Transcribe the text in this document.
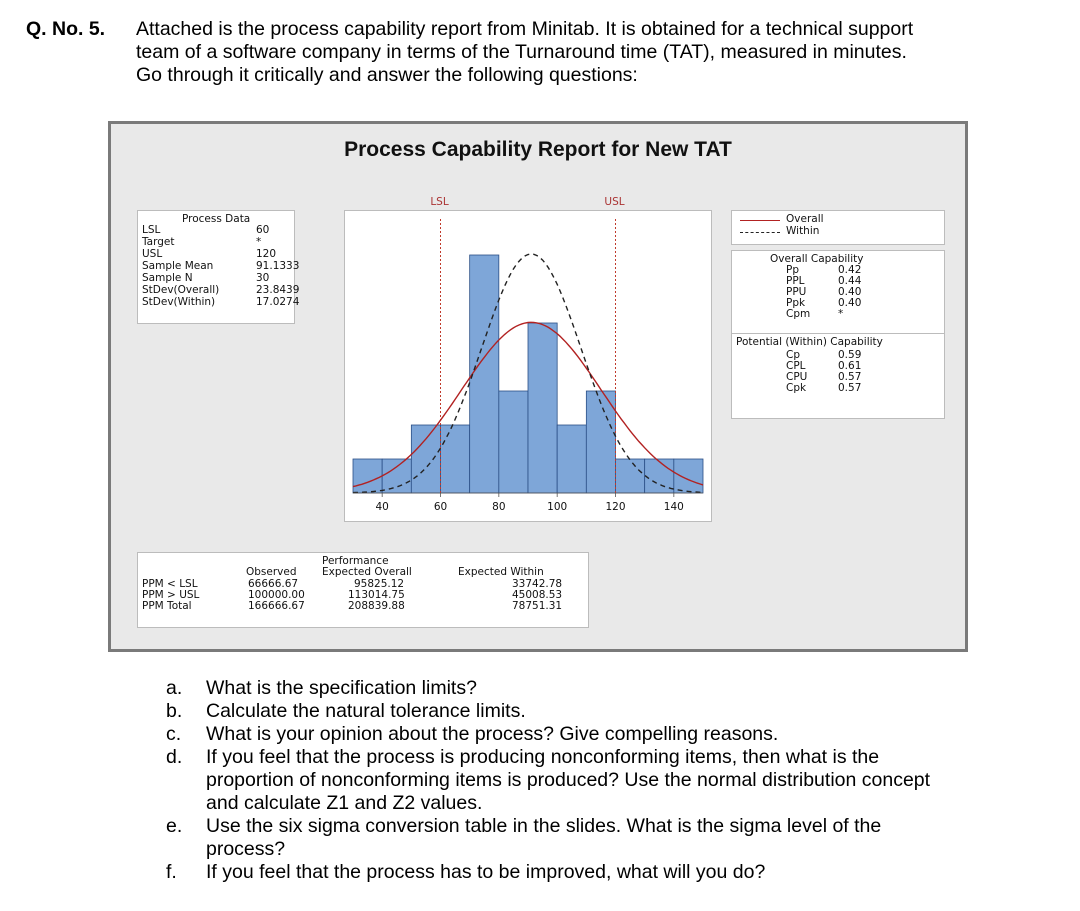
Q. No. 5. Attached is the process capability report from Minitab. It is obtained for a technical support
team of a software company in terms of the Turnaround time (TAT), measured in minutes.
Go through it critically and answer the following questions:
Process Capability Report for New TAT
Process Data
LSL	60
Target	*
USL	120
Sample Mean	91.1333
Sample N	30
StDev(Overall)	23.8439
StDev(Within)	17.0274
40	60	80	100	120	140
Overall
Within
Overall Capability
Pp	0.42
PPL	0.44
PPU	0.40
Ppk	0.40
Cpm	*
Potential (Within) Capability
Cp	0.59
CPL	0.61
CPU	0.57
Cpk	0.57
Performance
Observed Expected Overall	Expected Within
PPM < LSL	66666.67	95825.12	33742.78
PPM > USL	100000.00	113014.75	45008.53
PPM Total	166666.67	208839.88	78751.31
LSL	USL
a. What is the specification limits?
b. Calculate the natural tolerance limits.
c. What is your opinion about the process? Give compelling reasons.
d. If you feel that the process is producing nonconforming items, then what is the
proportion of nonconforming items is produced? Use the normal distribution concept
and calculate Z1 and Z2 values.
e. Use the six sigma conversion table in the slides. What is the sigma level of the
process?
f. If you feel that the process has to be improved, what will you do?
